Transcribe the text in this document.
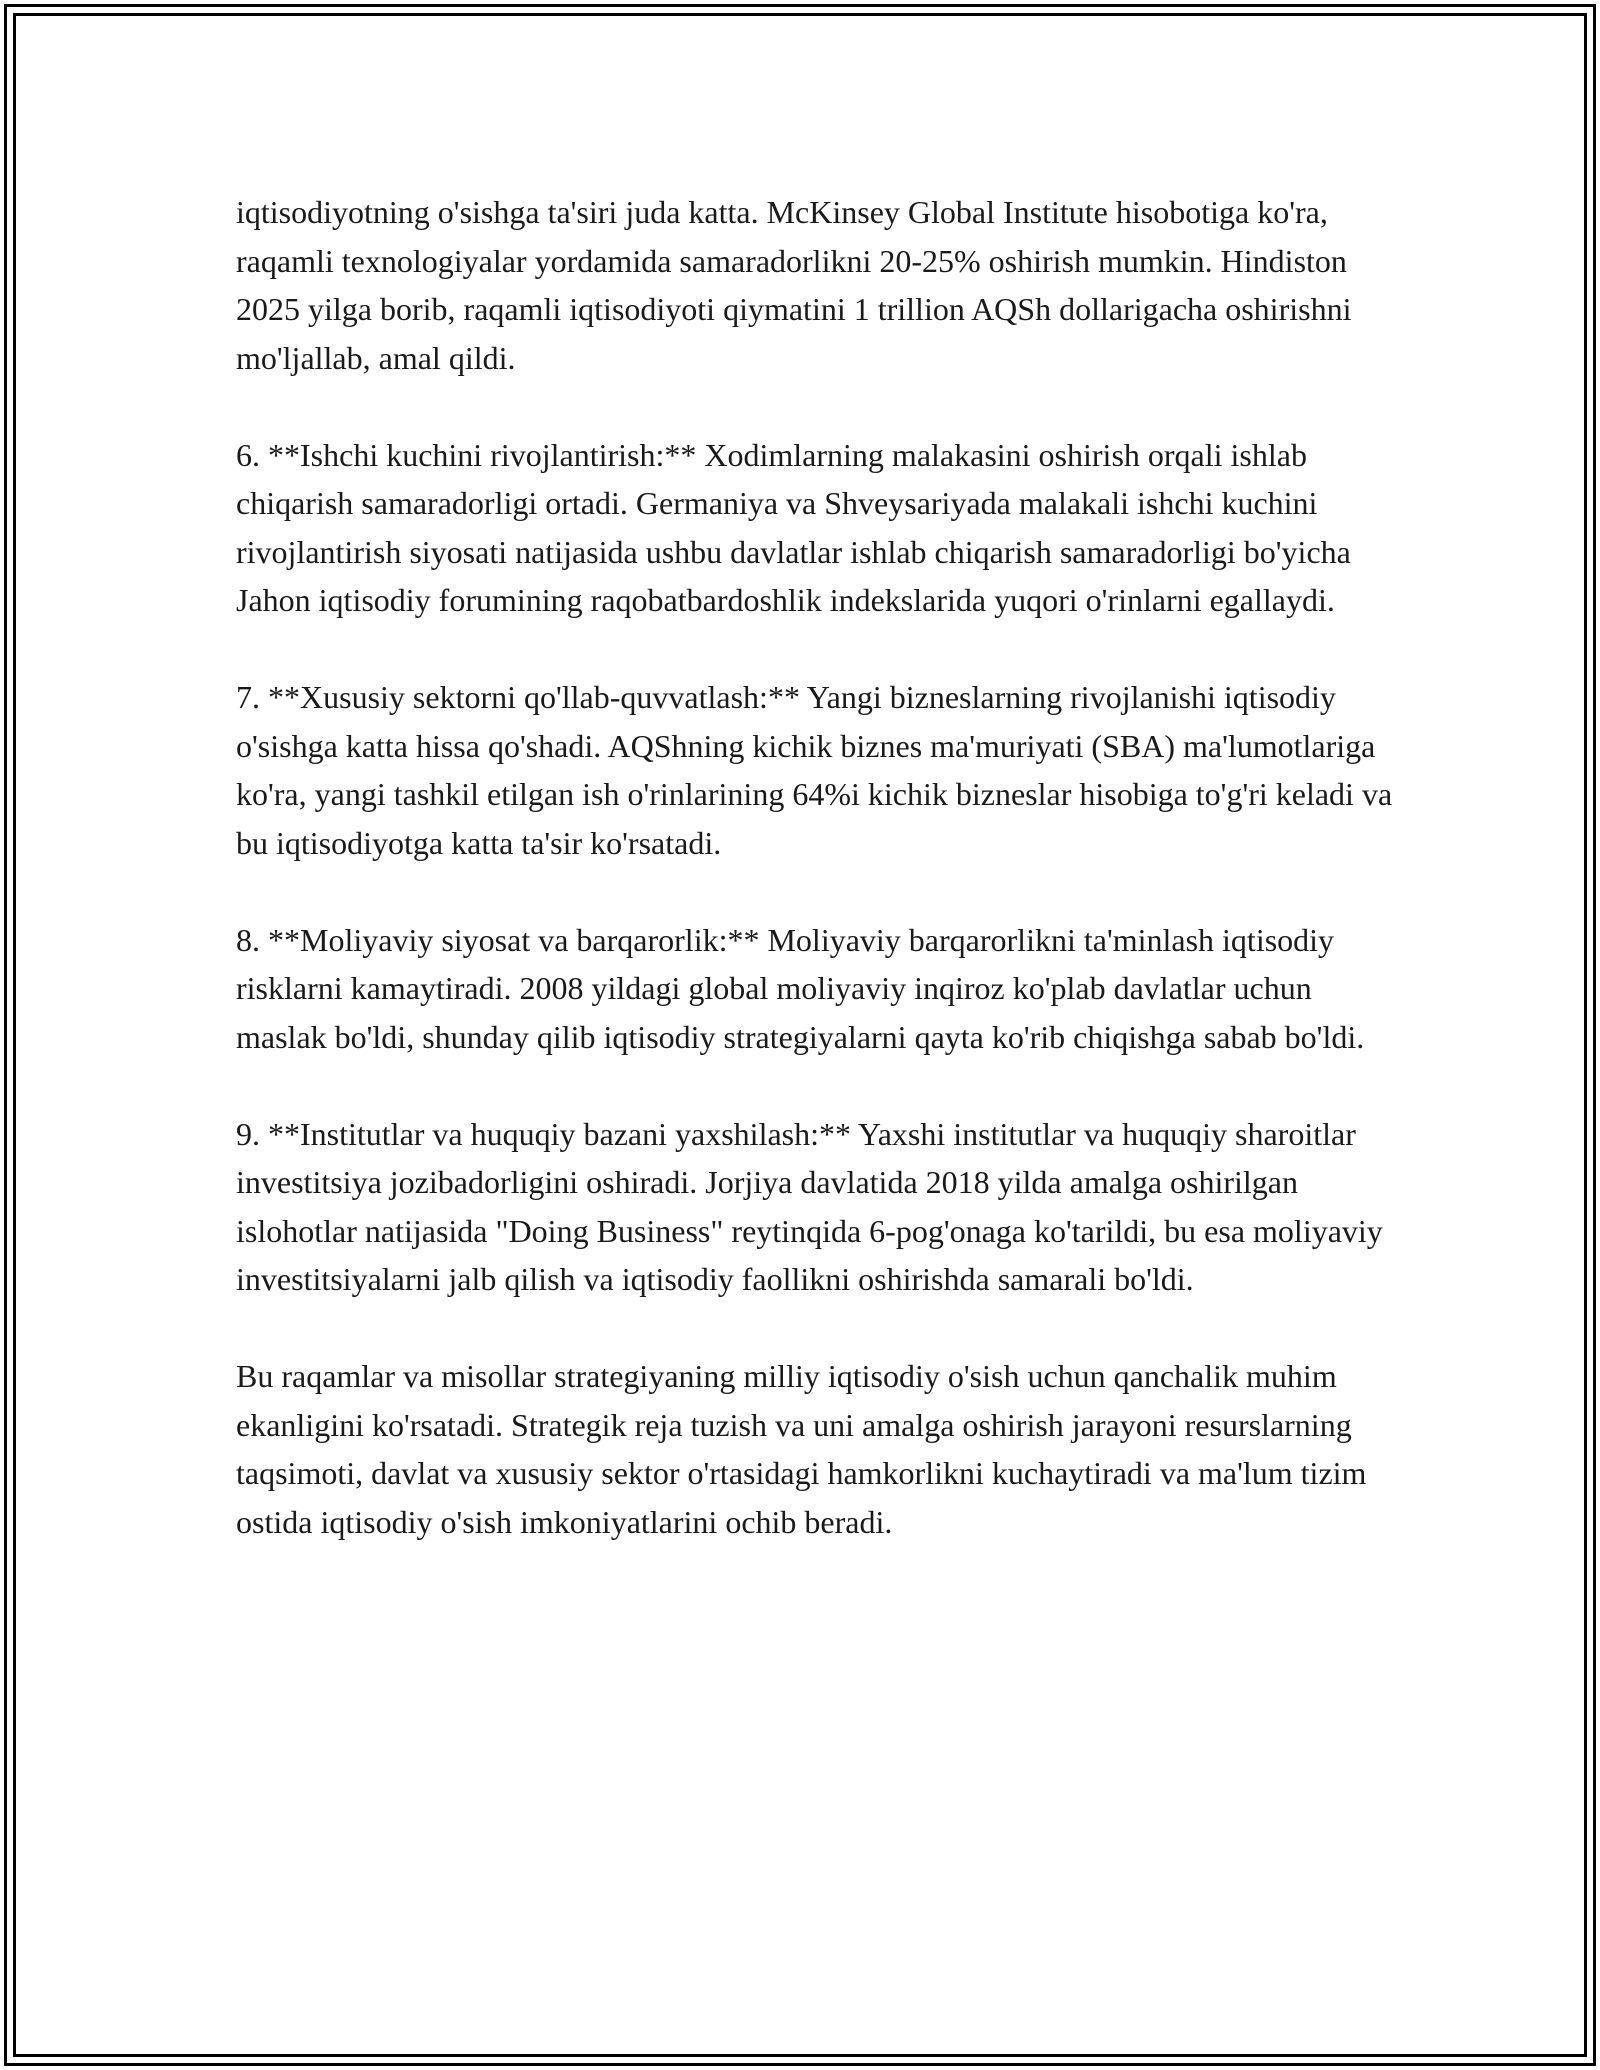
iqtisodiyotning o'sishga ta'siri juda katta. McKinsey Global Institute hisobotiga ko'ra, raqamli texnologiyalar yordamida samaradorlikni 20-25% oshirish mumkin. Hindiston 2025 yilga borib, raqamli iqtisodiyoti qiymatini 1 trillion AQSh dollarigacha oshirishni mo'ljallab, amal qildi.

6. **Ishchi kuchini rivojlantirish:** Xodimlarning malakasini oshirish orqali ishlab chiqarish samaradorligi ortadi. Germaniya va Shveysariyada malakali ishchi kuchini rivojlantirish siyosati natijasida ushbu davlatlar ishlab chiqarish samaradorligi bo'yicha Jahon iqtisodiy forumining raqobatbardoshlik indekslarida yuqori o'rinlarni egallaydi.

7. **Xususiy sektorni qo'llab-quvvatlash:** Yangi bizneslarning rivojlanishi iqtisodiy o'sishga katta hissa qo'shadi. AQShning kichik biznes ma'muriyati (SBA) ma'lumotlariga ko'ra, yangi tashkil etilgan ish o'rinlarining 64%i kichik bizneslar hisobiga to'g'ri keladi va bu iqtisodiyotga katta ta'sir ko'rsatadi.

8. **Moliyaviy siyosat va barqarorlik:** Moliyaviy barqarorlikni ta'minlash iqtisodiy risklarni kamaytiradi. 2008 yildagi global moliyaviy inqiroz ko'plab davlatlar uchun maslak bo'ldi, shunday qilib iqtisodiy strategiyalarni qayta ko'rib chiqishga sabab bo'ldi.

9. **Institutlar va huquqiy bazani yaxshilash:** Yaxshi institutlar va huquqiy sharoitlar investitsiya jozibadorligini oshiradi. Jorjiya davlatida 2018 yilda amalga oshirilgan islohotlar natijasida "Doing Business" reytinqida 6-pog'onaga ko'tarildi, bu esa moliyaviy investitsiyalarni jalb qilish va iqtisodiy faollikni oshirishda samarali bo'ldi.

Bu raqamlar va misollar strategiyaning milliy iqtisodiy o'sish uchun qanchalik muhim ekanligini ko'rsatadi. Strategik reja tuzish va uni amalga oshirish jarayoni resurslarning taqsimoti, davlat va xususiy sektor o'rtasidagi hamkorlikni kuchaytiradi va ma'lum tizim ostida iqtisodiy o'sish imkoniyatlarini ochib beradi.
